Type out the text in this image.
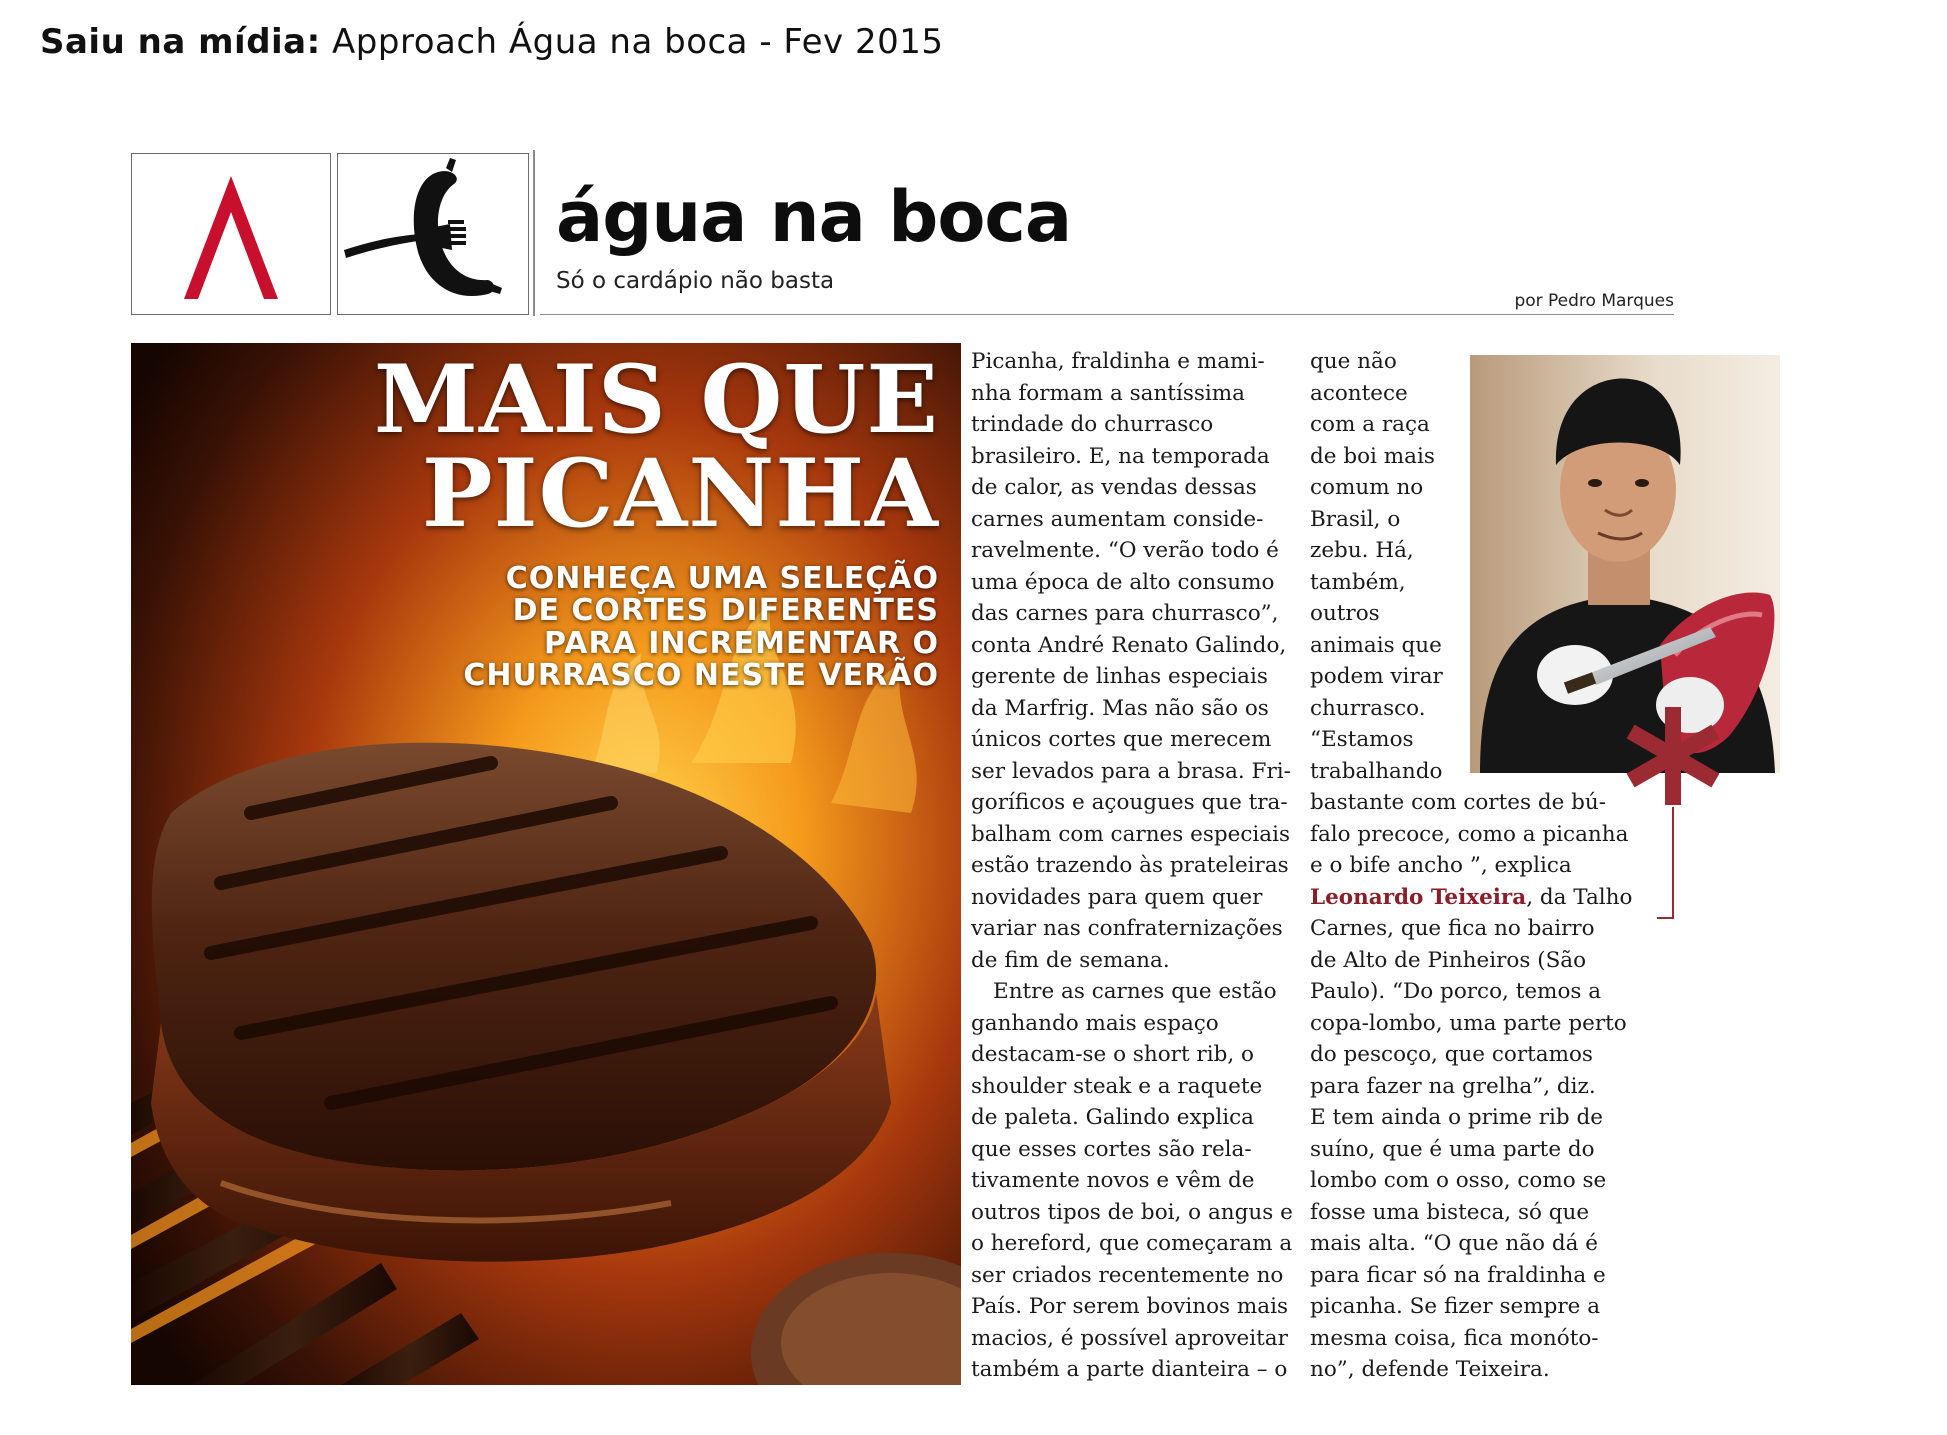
Saiu na mídia: Approach Água na boca - Fev 2015
água na boca
Só o cardápio não basta
por Pedro Marques
MAIS QUE
PICANHA
CONHEÇA UMA SELEÇÃO
DE CORTES DIFERENTES
PARA INCREMENTAR O
CHURRASCO NESTE VERÃO
Picanha, fraldinha e mami-
nha formam a santíssima
trindade do churrasco
brasileiro. E, na temporada
de calor, as vendas dessas
carnes aumentam conside-
ravelmente. “O verão todo é
uma época de alto consumo
das carnes para churrasco”,
conta André Renato Galindo,
gerente de linhas especiais
da Marfrig. Mas não são os
únicos cortes que merecem
ser levados para a brasa. Fri-
goríficos e açougues que tra-
balham com carnes especiais
estão trazendo às prateleiras
novidades para quem quer
variar nas confraternizações
de fim de semana.
Entre as carnes que estão
ganhando mais espaço
destacam-se o short rib, o
shoulder steak e a raquete
de paleta. Galindo explica
que esses cortes são rela-
tivamente novos e vêm de
outros tipos de boi, o angus e
o hereford, que começaram a
ser criados recentemente no
País. Por serem bovinos mais
macios, é possível aproveitar
também a parte dianteira – o
que não
acontece
com a raça
de boi mais
comum no
Brasil, o
zebu. Há,
também,
outros
animais que
podem virar
churrasco.
“Estamos
trabalhando
bastante com cortes de bú-
falo precoce, como a picanha
e o bife ancho ”, explica
Leonardo Teixeira, da Talho
Carnes, que fica no bairro
de Alto de Pinheiros (São
Paulo). “Do porco, temos a
copa-lombo, uma parte perto
do pescoço, que cortamos
para fazer na grelha”, diz.
E tem ainda o prime rib de
suíno, que é uma parte do
lombo com o osso, como se
fosse uma bisteca, só que
mais alta. “O que não dá é
para ficar só na fraldinha e
picanha. Se fizer sempre a
mesma coisa, fica monóto-
no”, defende Teixeira.
